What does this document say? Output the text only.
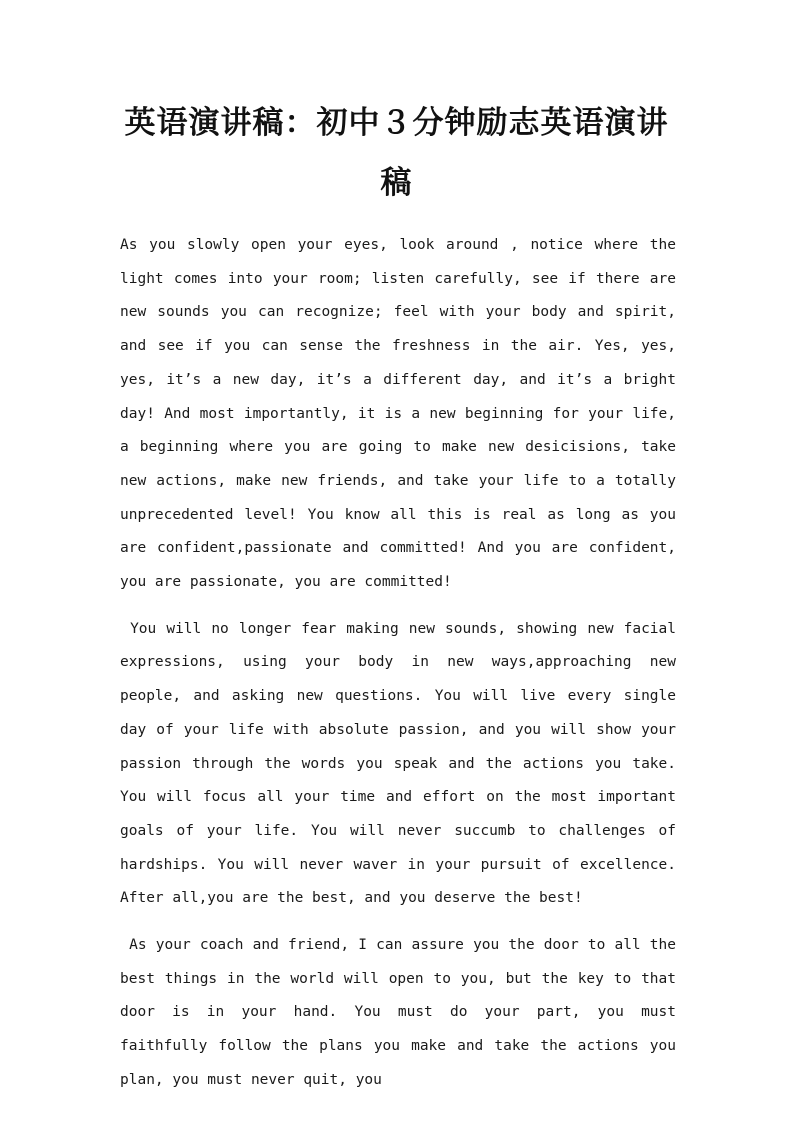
英语演讲稿：初中３分钟励志英语演讲稿

As you slowly open your eyes, look around , notice where the light comes into your room; listen carefully, see if there are new sounds you can recognize; feel with your body and spirit, and see if you can sense the freshness in the air. Yes, yes, yes, it’s a new day, it’s a different day, and it’s a bright day! And most importantly, it is a new beginning for your life, a beginning where you are going to make new desicisions, take new actions, make new friends, and take your life to a totally unprecedented level! You know all this is real as long as you are confident,passionate and committed! And you are confident, you are passionate, you are committed!

You will no longer fear making new sounds, showing new facial expressions, using your body in new ways,approaching new people, and asking new questions. You will live every single day of your life with absolute passion, and you will show your passion through the words you speak and the actions you take. You will focus all your time and effort on the most important goals of your life. You will never succumb to challenges of hardships. You will never waver in your pursuit of excellence. After all,you are the best, and you deserve the best!

As your coach and friend, I can assure you the door to all the best things in the world will open to you, but the key to that door is in your hand. You must do your part, you must faithfully follow the plans you make and take the actions you plan, you must never quit, you
